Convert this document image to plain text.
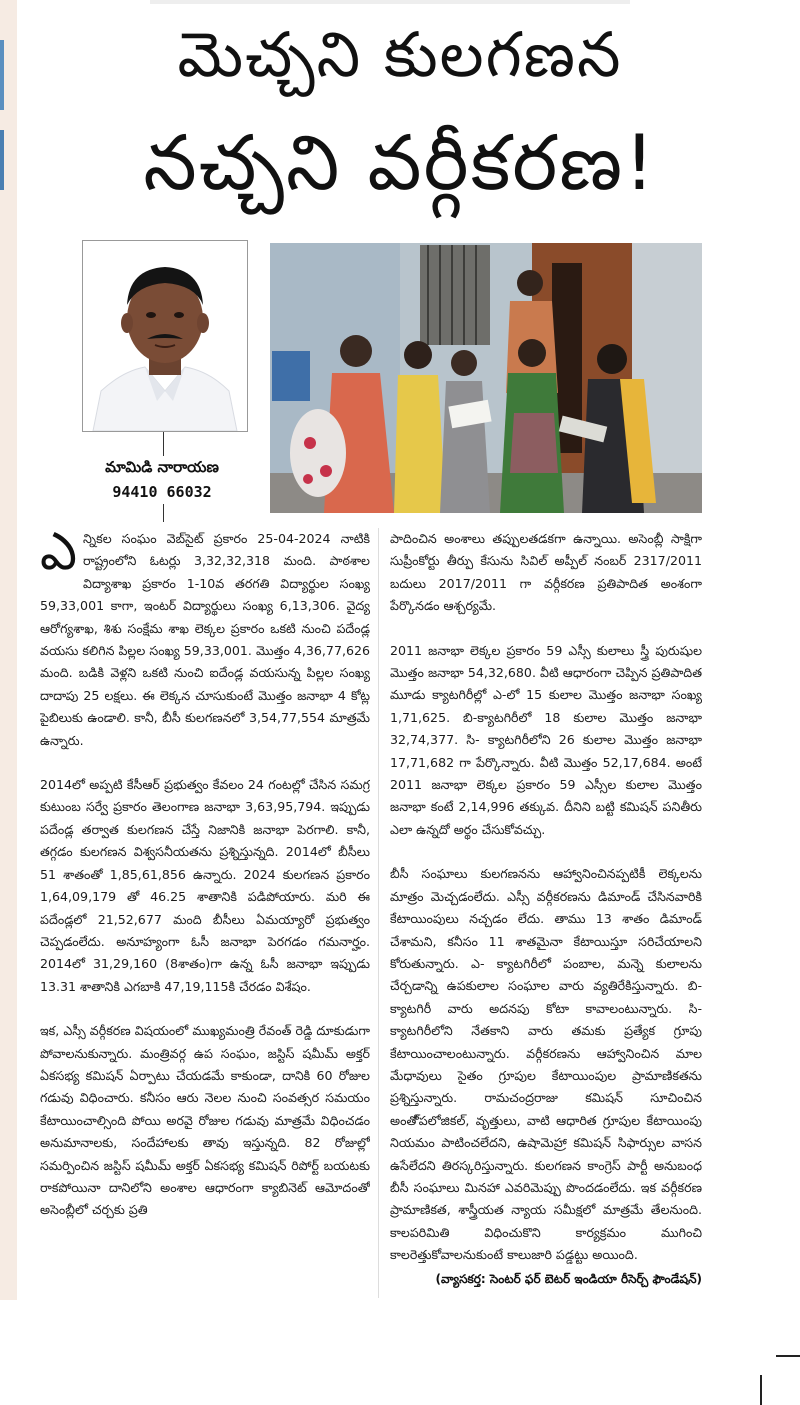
మెచ్చని కులగణన
నచ్చని వర్గీకరణ!
మామిడి నారాయణ
94410 66032

ఎన్నికల సంఘం వెబ్‌సైట్ ప్రకారం 25-04-2024 నాటికి రాష్ట్రంలోని ఓటర్లు 3,32,32,318 మంది. పాఠశాల విద్యాశాఖ ప్రకారం 1-10వ తరగతి విద్యార్థుల సంఖ్య 59,33,001 కాగా, ఇంటర్ విద్యార్థులు సంఖ్య 6,13,306. వైద్య ఆరోగ్యశాఖ, శిశు సంక్షేమ శాఖ లెక్కల ప్రకారం ఒకటి నుంచి పదేండ్ల వయసు కలిగిన పిల్లల సంఖ్య 59,33,001. మొత్తం 4,36,77,626 మంది. బడికి వెళ్లని ఒకటి నుంచి ఐదేండ్ల వయసున్న పిల్లల సంఖ్య దాదాపు 25 లక్షలు. ఈ లెక్కన చూసుకుంటే మొత్తం జనాభా 4 కోట్ల పైబిలుకు ఉండాలి. కానీ, బీసీ కులగణనలో 3,54,77,554 మాత్రమే ఉన్నారు.

2014లో అప్పటి కేసీఆర్ ప్రభుత్వం కేవలం 24 గంటల్లో చేసిన సమగ్ర కుటుంబ సర్వే ప్రకారం తెలంగాణ జనాభా 3,63,95,794. ఇప్పుడు పదేండ్ల తర్వాత కులగణన చేస్తే నిజానికి జనాభా పెరగాలి. కానీ, తగ్గడం కులగణన విశ్వసనీయతను ప్రశ్నిస్తున్నది. 2014లో బీసీలు 51 శాతంతో 1,85,61,856 ఉన్నారు. 2024 కులగణన ప్రకారం 1,64,09,179 తో 46.25 శాతానికి పడిపోయారు. మరి ఈ పదేండ్లలో 21,52,677 మంది బీసీలు ఏమయ్యారో ప్రభుత్వం చెప్పడంలేదు. అనూహ్యంగా ఓసీ జనాభా పెరగడం గమనార్హం. 2014లో 31,29,160 (8శాతం)గా ఉన్న ఓసీ జనాభా ఇప్పుడు 13.31 శాతానికి ఎగబాకి 47,19,115కి చేరడం విశేషం.

ఇక, ఎస్సీ వర్గీకరణ విషయంలో ముఖ్యమంత్రి రేవంత్ రెడ్డి దూకుడుగా పోవాలనుకున్నారు. మంత్రివర్గ ఉప సంఘం, జస్టిస్ షమీమ్ అక్తర్ ఏకసభ్య కమిషన్ ఏర్పాటు చేయడమే కాకుండా, దానికి 60 రోజుల గడువు విధించారు. కనీసం ఆరు నెలల నుంచి సంవత్సర సమయం కేటాయించాల్సింది పోయి అరవై రోజుల గడువు మాత్రమే విధించడం అనుమానాలకు, సందేహాలకు తావు ఇస్తున్నది. 82 రోజుల్లో సమర్పించిన జస్టిస్ షమీమ్ అక్తర్ ఏకసభ్య కమిషన్ రిపోర్ట్ బయటకు రాకపోయినా దానిలోని అంశాల ఆధారంగా క్యాబినెట్ ఆమోదంతో అసెంబ్లీలో చర్చకు ప్రతి

పాదించిన అంశాలు తప్పులతడకగా ఉన్నాయి. అసెంబ్లీ సాక్షిగా సుప్రీంకోర్టు తీర్పు కేసును సివిల్ అప్పీల్ నంబర్ 2317/2011 బదులు 2017/2011 గా వర్గీకరణ ప్రతిపాదిత అంశంగా పేర్కొనడం ఆశ్చర్యమే.

2011 జనాభా లెక్కల ప్రకారం 59 ఎస్సీ కులాలు స్త్రీ పురుషుల మొత్తం జనాభా 54,32,680. వీటి ఆధారంగా చెప్పిన ప్రతిపాదిత మూడు క్యాటగిరీల్లో ఎ-లో 15 కులాల మొత్తం జనాభా సంఖ్య 1,71,625. బి-క్యాటగిరీలో 18 కులాల మొత్తం జనాభా 32,74,377. సి- క్యాటగిరీలోని 26 కులాల మొత్తం జనాభా 17,71,682 గా పేర్కొన్నారు. వీటి మొత్తం 52,17,684. అంటే 2011 జనాభా లెక్కల ప్రకారం 59 ఎస్సీల కులాల మొత్తం జనాభా కంటే 2,14,996 తక్కువ. దీనిని బట్టి కమిషన్ పనితీరు ఎలా ఉన్నదో అర్థం చేసుకోవచ్చు.

బీసీ సంఘాలు కులగణనను ఆహ్వానించినప్పటికీ లెక్కలను మాత్రం మెచ్చడంలేదు. ఎస్సీ వర్గీకరణను డిమాండ్ చేసినవారికి కేటాయింపులు నచ్చడం లేదు. తాము 13 శాతం డిమాండ్ చేశామని, కనీసం 11 శాతమైనా కేటాయిస్తూ సరిచేయాలని కోరుతున్నారు. ఎ- క్యాటగిరీలో పంబాల, మన్నె కులాలను చేర్చడాన్ని ఉపకులాల సంఘాల వారు వ్యతిరేకిస్తున్నారు. బి-క్యాటగిరీ వారు అదనపు కోటా కావాలంటున్నారు. సి- క్యాటగిరీలోని నేతకాని వారు తమకు ప్రత్యేక గ్రూపు కేటాయించాలంటున్నారు. వర్గీకరణను ఆహ్వానించిన మాల మేధావులు సైతం గ్రూపుల కేటాయింపుల ప్రామాణికతను ప్రశ్నిస్తున్నారు. రామచంద్రరాజు కమిషన్ సూచించిన అంతో్పలోజికల్, వృత్తులు, వాటి ఆధారిత గ్రూపుల కేటాయింపు నియమం పాటించలేదని, ఉషామెహ్రా కమిషన్ సిఫార్సుల వాసన ఉసేలేదని తిరస్కరిస్తున్నారు. కులగణన కాంగ్రెస్ పార్టీ అనుబంధ బీసీ సంఘాలు మినహా ఎవరిమెప్పు పొందడంలేదు. ఇక వర్గీకరణ ప్రామాణికత, శాస్త్రీయత న్యాయ సమీక్షలో మాత్రమే తేలనుంది. కాలపరిమితి విధించుకొని కార్యక్రమం ముగించి కాలరెత్తుకోవాలనుకుంటే కాలుజారి పడ్డట్టు అయింది.

(వ్యాసకర్త: సెంటర్ ఫర్ బెటర్ ఇండియా రీసెర్చ్ ఫౌండేషన్)
